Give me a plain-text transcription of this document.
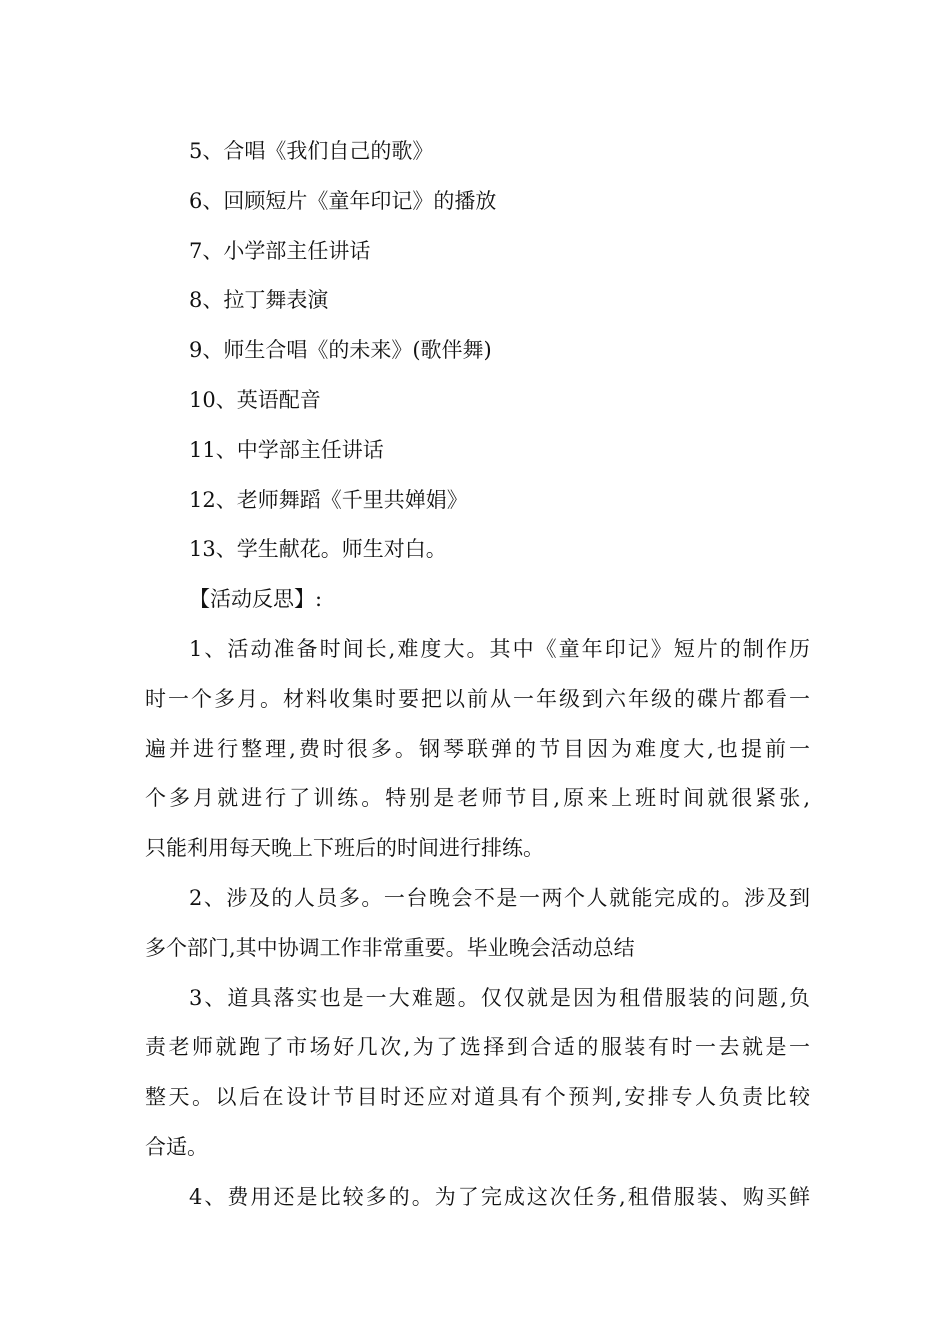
5、合唱《我们自己的歌》
6、回顾短片《童年印记》的播放
7、小学部主任讲话
8、拉丁舞表演
9、师生合唱《的未来》(歌伴舞)
10、英语配音
11、中学部主任讲话
12、老师舞蹈《千里共婵娟》
13、学生献花。师生对白。
【活动反思】:
1、活动准备时间长,难度大。其中《童年印记》短片的制作历
时一个多月。材料收集时要把以前从一年级到六年级的碟片都看一
遍并进行整理,费时很多。钢琴联弹的节目因为难度大,也提前一
个多月就进行了训练。特别是老师节目,原来上班时间就很紧张,
只能利用每天晚上下班后的时间进行排练。
2、涉及的人员多。一台晚会不是一两个人就能完成的。涉及到
多个部门,其中协调工作非常重要。毕业晚会活动总结
3、道具落实也是一大难题。仅仅就是因为租借服装的问题,负
责老师就跑了市场好几次,为了选择到合适的服装有时一去就是一
整天。以后在设计节目时还应对道具有个预判,安排专人负责比较
合适。
4、费用还是比较多的。为了完成这次任务,租借服装、购买鲜
